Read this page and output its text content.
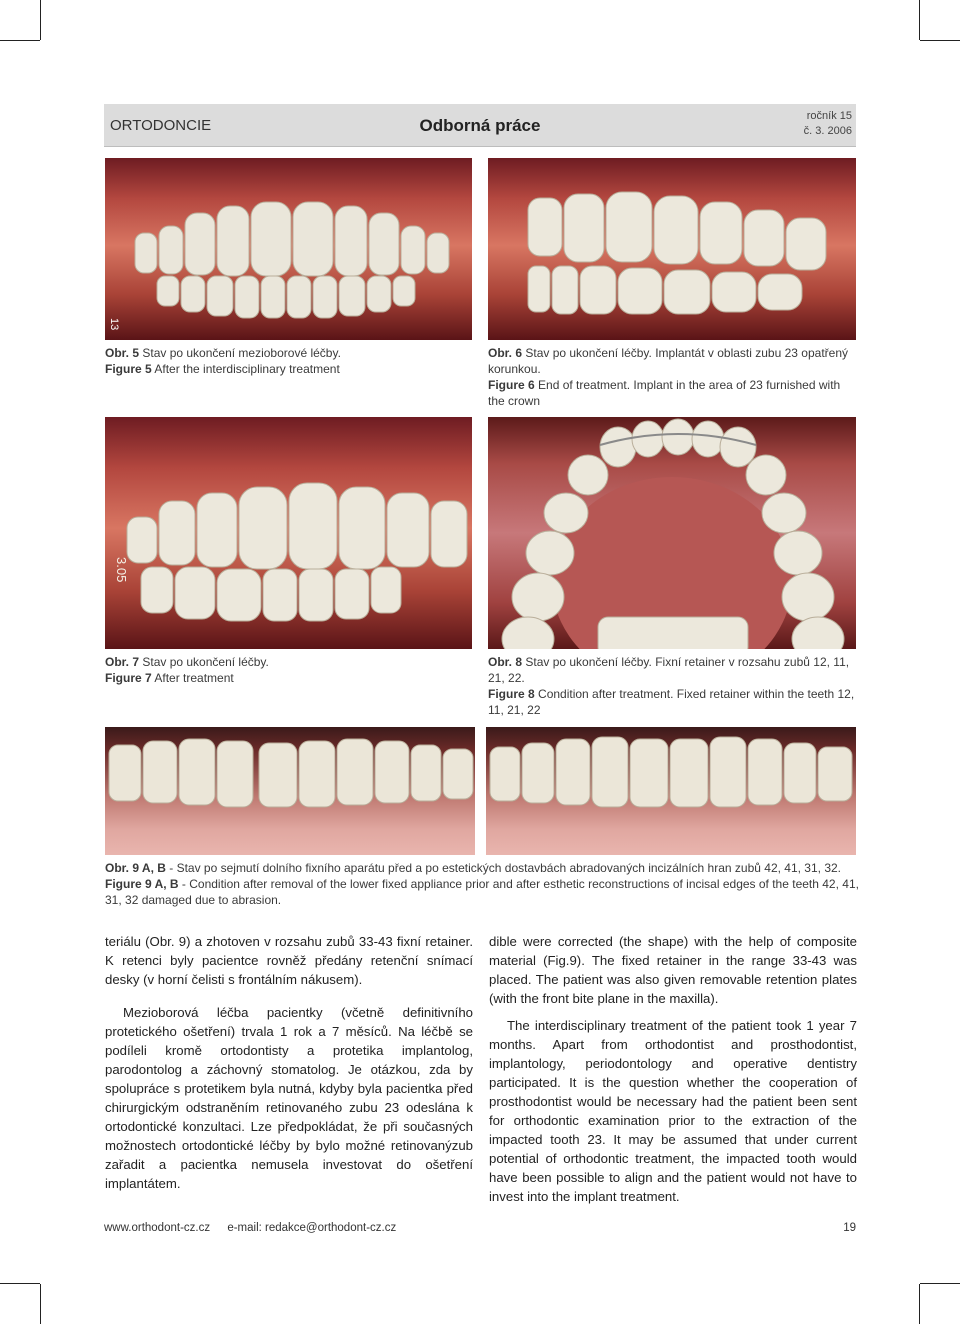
ORTODONCIE	Odborná práce	ročník 15
č. 3. 2006
13
Obr. 5 Stav po ukončení mezioborové léčby.
Figure 5 After the interdisciplinary treatment
Obr. 6 Stav po ukončení léčby. Implantát v oblasti zubu 23 opatřený korunkou.
Figure 6 End of treatment. Implant in the area of 23 furnished with the crown
3.05
Obr. 7 Stav po ukončení léčby.
Figure 7 After treatment
Obr. 8 Stav po ukončení léčby. Fixní retainer v rozsahu zubů 12, 11, 21, 22.
Figure 8 Condition after treatment. Fixed retainer within the teeth 12, 11, 21, 22
Obr. 9 A, B - Stav po sejmutí dolního fixního aparátu před a po estetických dostavbách abradovaných incizálních hran zubů 42, 41, 31, 32.
Figure 9 A, B - Condition after removal of the lower fixed appliance prior and after esthetic reconstructions of incisal edges of the teeth 42, 41, 31, 32 damaged due to abrasion.

teriálu (Obr. 9) a zhotoven v rozsahu zubů 33-43 fixní retainer. K retenci byly pacientce rovněž předány retenční snímací desky (v horní čelisti s frontálním nákusem).

Mezioborová léčba pacientky (včetně definitivního protetického ošetření) trvala 1 rok a 7 měsíců. Na léčbě se podíleli kromě ortodontisty a protetika implantolog, parodontolog a záchovný stomatolog. Je otázkou, zda by spolupráce s protetikem byla nutná, kdyby byla pacientka před chirurgickým odstraněním retinovaného zubu 23 odeslána k ortodontické konzultaci. Lze předpokládat, že při současných možnostech ortodontické léčby by bylo možné retinovanýzub zařadit a pacientka nemusela investovat do ošetření implantátem.

dible were corrected (the shape) with the help of composite material (Fig.9). The fixed retainer in the range 33-43 was placed. The patient was also given removable retention plates (with the front bite plane in the maxilla).

The interdisciplinary treatment of the patient took 1 year 7 months. Apart from orthodontist and prosthodontist, implantology, periodontology and operative dentistry participated. It is the question whether the cooperation of prosthodontist would be necessary had the patient been sent for orthodontic examination prior to the extraction of the impacted tooth 23. It may be assumed that under current potential of orthodontic treatment, the impacted tooth would have been possible to align and the patient would not have to invest into the implant treatment.

www.orthodont-cz.cz e-mail: redakce@orthodont-cz.cz	19
